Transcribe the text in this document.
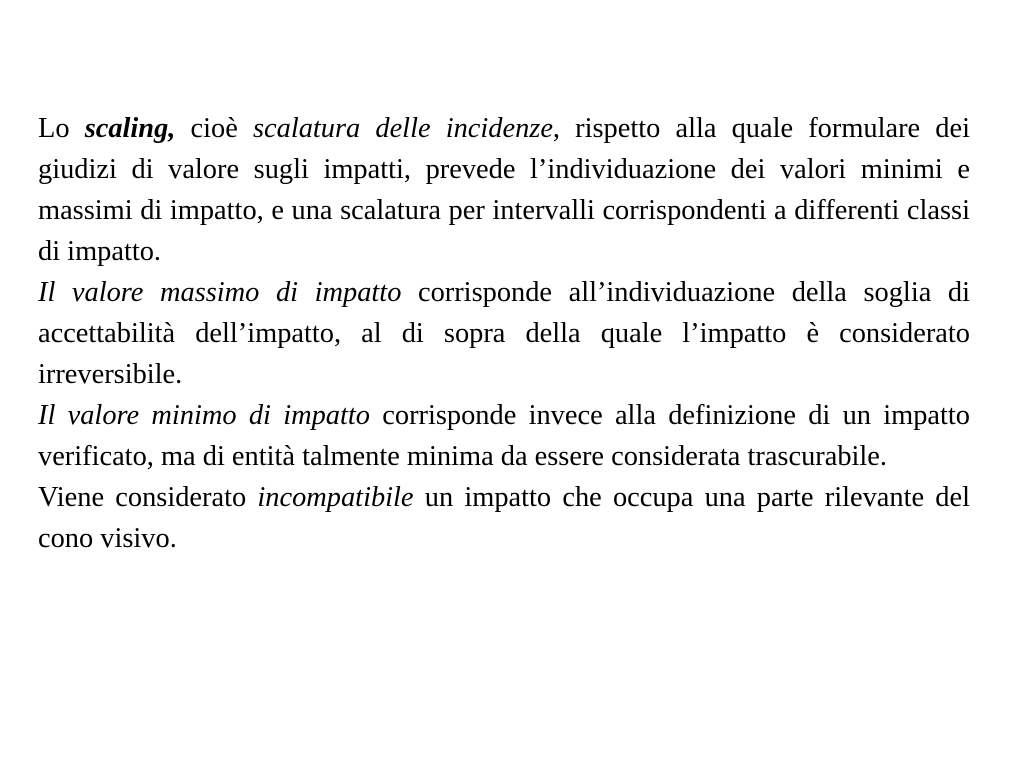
Lo scaling, cioè scalatura delle incidenze, rispetto alla quale formulare dei giudizi di valore sugli impatti, prevede l’individuazione dei valori minimi e massimi di impatto, e una scalatura per intervalli corrispondenti a differenti classi di impatto.

Il valore massimo di impatto corrisponde all’individuazione della soglia di accettabilità dell’impatto, al di sopra della quale l’impatto è considerato irreversibile.

Il valore minimo di impatto corrisponde invece alla definizione di un impatto verificato, ma di entità talmente minima da essere considerata trascurabile.

Viene considerato incompatibile un impatto che occupa una parte rilevante del cono visivo.
